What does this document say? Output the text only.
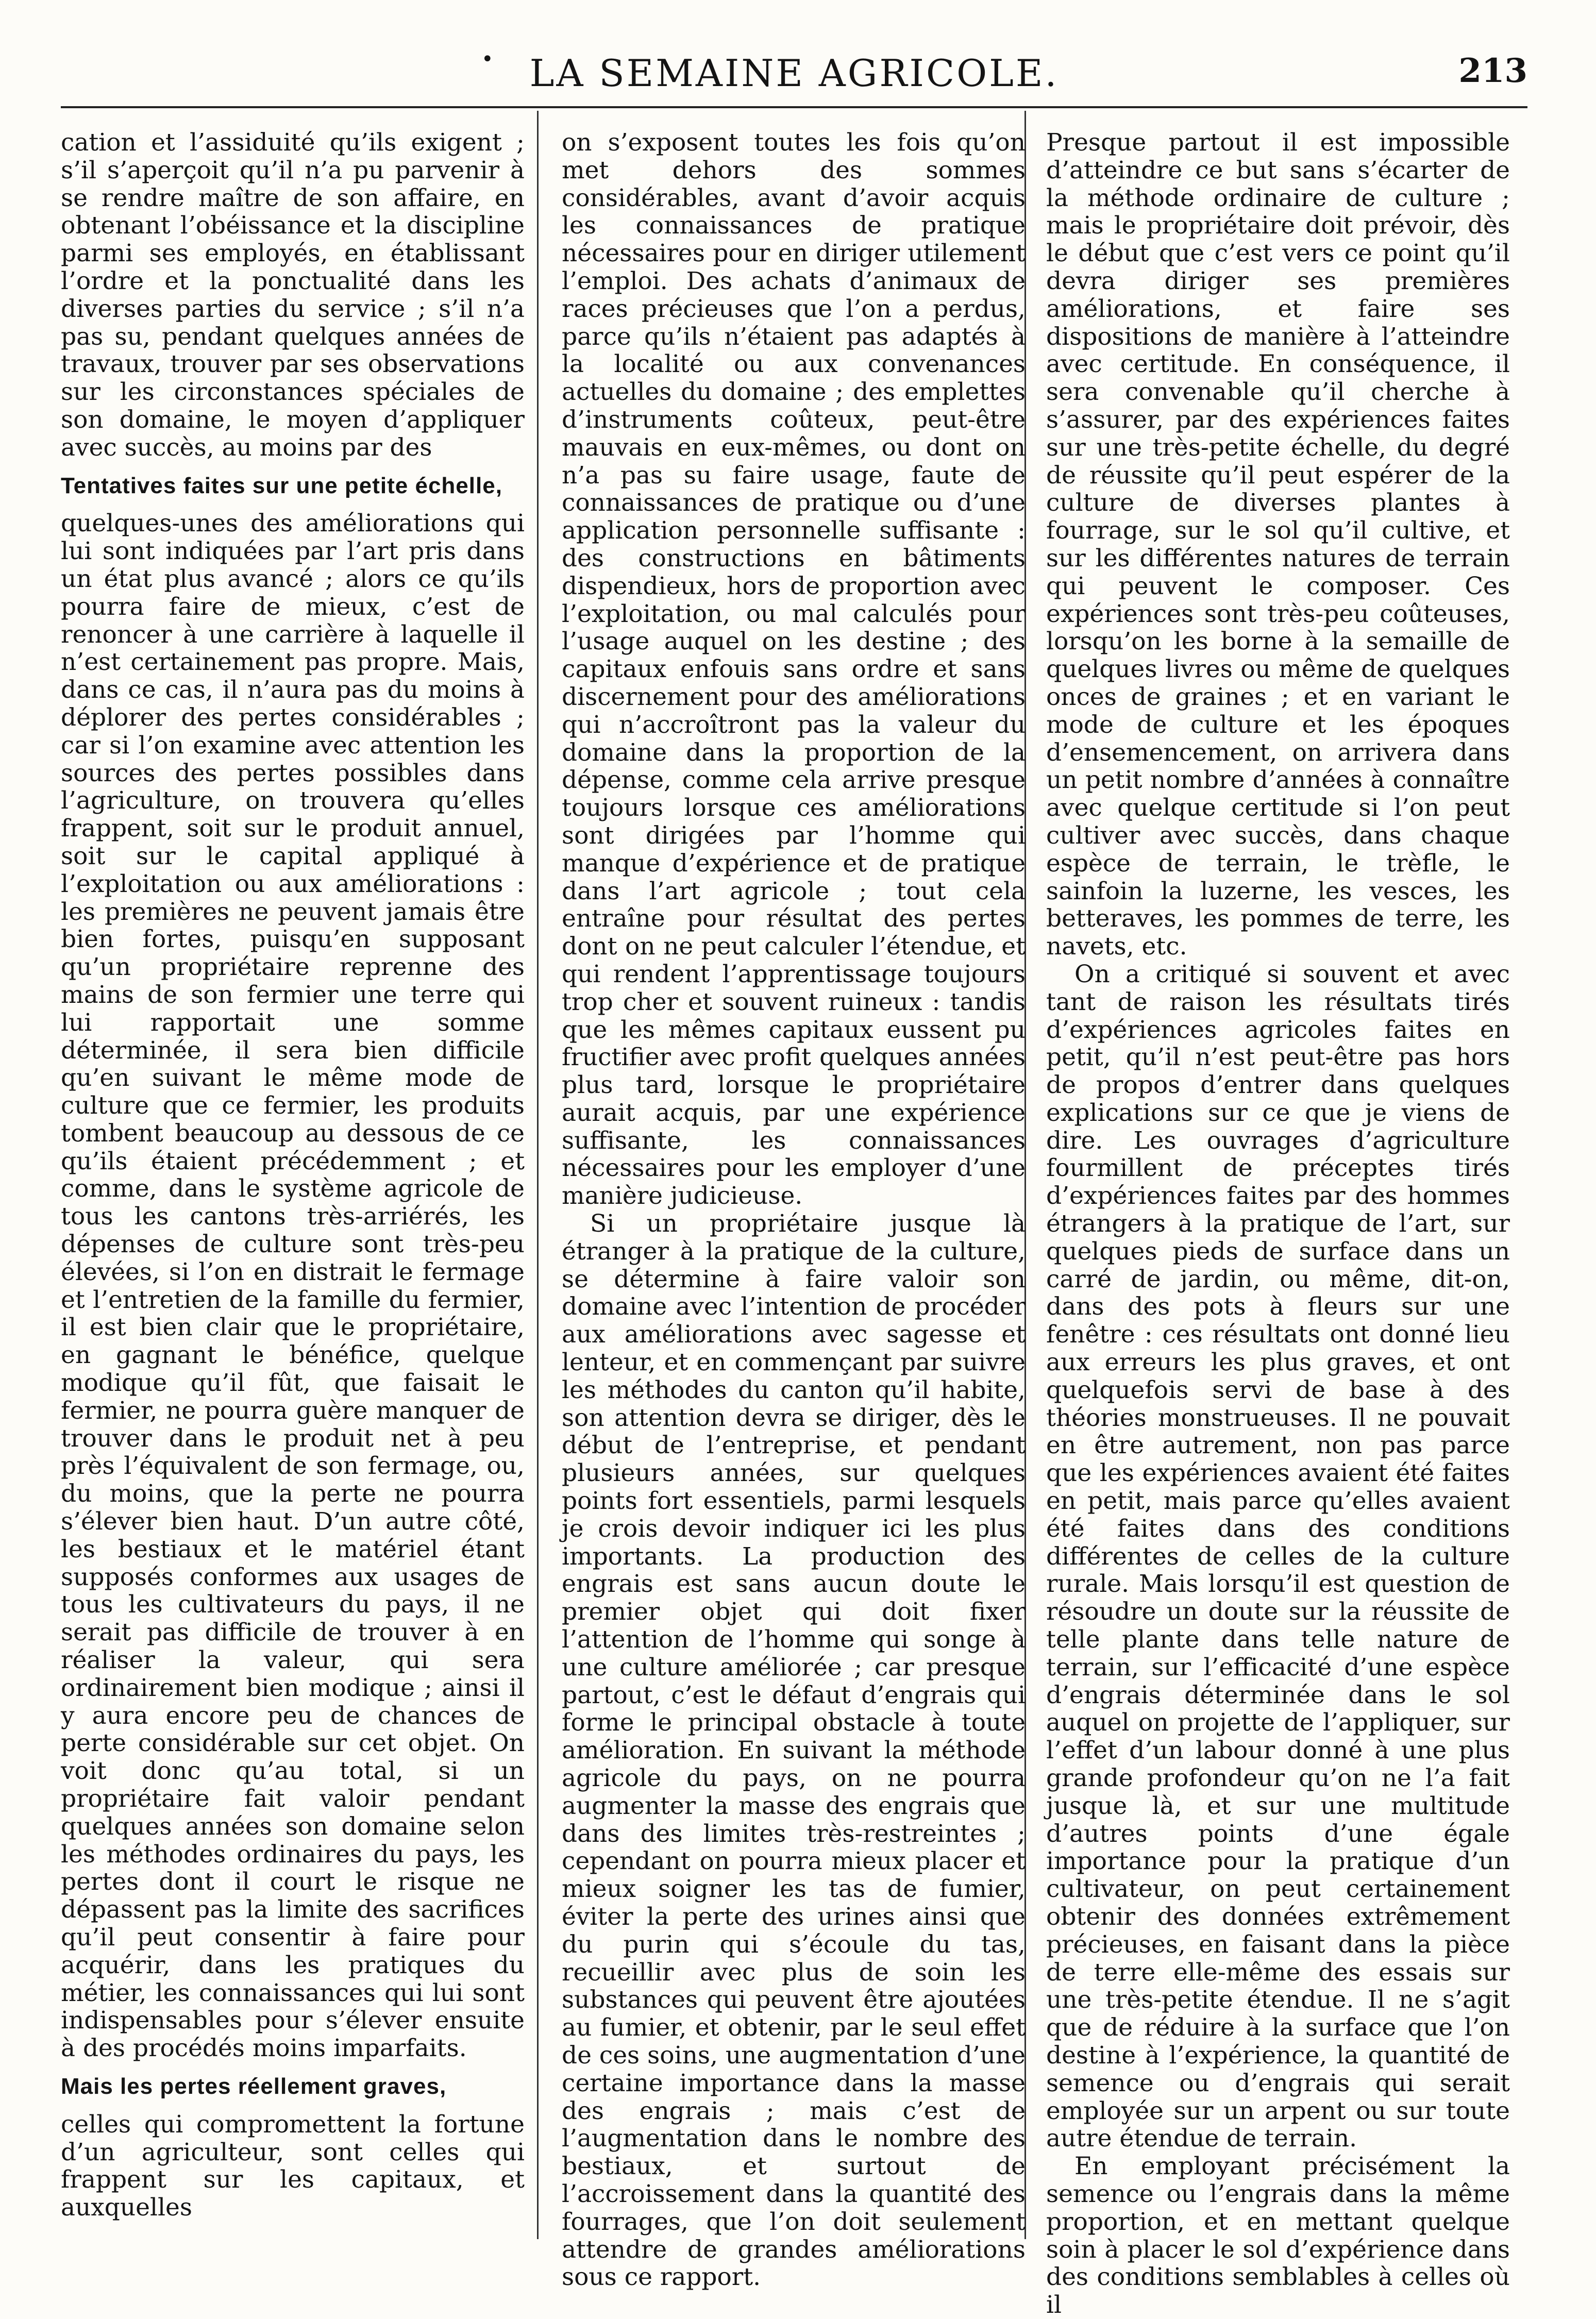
• LA SEMAINE AGRICOLE.	213

cation et l’assiduité qu’ils exigent ; s’il s’aperçoit qu’il n’a pu parvenir à se rendre maître de son affaire, en obtenant l’obéissance et la discipline parmi ses employés, en établissant l’ordre et la ponctualité dans les diverses parties du service ; s’il n’a pas su, pendant quelques années de travaux, trouver par ses observations sur les circonstances spéciales de son domaine, le moyen d’appliquer avec succès, au moins par des

Tentatives faites sur une petite échelle,

quelques-unes des améliorations qui lui sont indiquées par l’art pris dans un état plus avancé ; alors ce qu’ils pourra faire de mieux, c’est de renoncer à une carrière à laquelle il n’est certainement pas propre. Mais, dans ce cas, il n’aura pas du moins à déplorer des pertes considérables ; car si l’on examine avec attention les sources des pertes possibles dans l’agriculture, on trouvera qu’elles frappent, soit sur le produit annuel, soit sur le capital appliqué à l’exploitation ou aux améliorations : les premières ne peuvent jamais être bien fortes, puisqu’en supposant qu’un propriétaire reprenne des mains de son fermier une terre qui lui rapportait une somme déterminée, il sera bien difficile qu’en suivant le même mode de culture que ce fermier, les produits tombent beaucoup au dessous de ce qu’ils étaient précédemment ; et comme, dans le système agricole de tous les cantons très-arriérés, les dépenses de culture sont très-peu élevées, si l’on en distrait le fermage et l’entretien de la famille du fermier, il est bien clair que le propriétaire, en gagnant le bénéfice, quelque modique qu’il fût, que faisait le fermier, ne pourra guère manquer de trouver dans le produit net à peu près l’équivalent de son fermage, ou, du moins, que la perte ne pourra s’élever bien haut. D’un autre côté, les bestiaux et le matériel étant supposés conformes aux usages de tous les cultivateurs du pays, il ne serait pas difficile de trouver à en réaliser la valeur, qui sera ordinairement bien modique ; ainsi il y aura encore peu de chances de perte considérable sur cet objet. On voit donc qu’au total, si un propriétaire fait valoir pendant quelques années son domaine selon les méthodes ordinaires du pays, les pertes dont il court le risque ne dépassent pas la limite des sacrifices qu’il peut consentir à faire pour acquérir, dans les pratiques du métier, les connaissances qui lui sont indispensables pour s’élever ensuite à des procédés moins imparfaits.

Mais les pertes réellement graves,

celles qui compromettent la fortune d’un agriculteur, sont celles qui frappent sur les capitaux, et auxquelles

on s’exposent toutes les fois qu’on met dehors des sommes considérables, avant d’avoir acquis les connaissances de pratique nécessaires pour en diriger utilement l’emploi. Des achats d’animaux de races précieuses que l’on a perdus, parce qu’ils n’étaient pas adaptés à la localité ou aux convenances actuelles du domaine ; des emplettes d’instruments coûteux, peut-être mauvais en eux-mêmes, ou dont on n’a pas su faire usage, faute de connaissances de pratique ou d’une application personnelle suffisante : des constructions en bâtiments dispendieux, hors de proportion avec l’exploitation, ou mal calculés pour l’usage auquel on les destine ; des capitaux enfouis sans ordre et sans discernement pour des améliorations qui n’accroîtront pas la valeur du domaine dans la proportion de la dépense, comme cela arrive presque toujours lorsque ces améliorations sont dirigées par l’homme qui manque d’expérience et de pratique dans l’art agricole ; tout cela entraîne pour résultat des pertes dont on ne peut calculer l’étendue, et qui rendent l’apprentissage toujours trop cher et souvent ruineux : tandis que les mêmes capitaux eussent pu fructifier avec profit quelques années plus tard, lorsque le propriétaire aurait acquis, par une expérience suffisante, les connaissances nécessaires pour les employer d’une manière judicieuse.

Si un propriétaire jusque là étranger à la pratique de la culture, se détermine à faire valoir son domaine avec l’intention de procéder aux améliorations avec sagesse et lenteur, et en commençant par suivre les méthodes du canton qu’il habite, son attention devra se diriger, dès le début de l’entreprise, et pendant plusieurs années, sur quelques points fort essentiels, parmi lesquels je crois devoir indiquer ici les plus importants. La production des engrais est sans aucun doute le premier objet qui doit fixer l’attention de l’homme qui songe à une culture améliorée ; car presque partout, c’est le défaut d’engrais qui forme le principal obstacle à toute amélioration. En suivant la méthode agricole du pays, on ne pourra augmenter la masse des engrais que dans des limites très-restreintes ; cependant on pourra mieux placer et mieux soigner les tas de fumier, éviter la perte des urines ainsi que du purin qui s’écoule du tas, recueillir avec plus de soin les substances qui peuvent être ajoutées au fumier, et obtenir, par le seul effet de ces soins, une augmentation d’une certaine importance dans la masse des engrais ; mais c’est de l’augmentation dans le nombre des bestiaux, et surtout de l’accroissement dans la quantité des fourrages, que l’on doit seulement attendre de grandes améliorations sous ce rapport.

Presque partout il est impossible d’atteindre ce but sans s’écarter de la méthode ordinaire de culture ; mais le propriétaire doit prévoir, dès le début que c’est vers ce point qu’il devra diriger ses premières améliorations, et faire ses dispositions de manière à l’atteindre avec certitude. En conséquence, il sera convenable qu’il cherche à s’assurer, par des expériences faites sur une très-petite échelle, du degré de réussite qu’il peut espérer de la culture de diverses plantes à fourrage, sur le sol qu’il cultive, et sur les différentes natures de terrain qui peuvent le composer. Ces expériences sont très-peu coûteuses, lorsqu’on les borne à la semaille de quelques livres ou même de quelques onces de graines ; et en variant le mode de culture et les époques d’ensemencement, on arrivera dans un petit nombre d’années à connaître avec quelque certitude si l’on peut cultiver avec succès, dans chaque espèce de terrain, le trèfle, le sainfoin la luzerne, les vesces, les betteraves, les pommes de terre, les navets, etc.

On a critiqué si souvent et avec tant de raison les résultats tirés d’expériences agricoles faites en petit, qu’il n’est peut-être pas hors de propos d’entrer dans quelques explications sur ce que je viens de dire. Les ouvrages d’agriculture fourmillent de préceptes tirés d’expériences faites par des hommes étrangers à la pratique de l’art, sur quelques pieds de surface dans un carré de jardin, ou même, dit-on, dans des pots à fleurs sur une fenêtre : ces résultats ont donné lieu aux erreurs les plus graves, et ont quelquefois servi de base à des théories monstrueuses. Il ne pouvait en être autrement, non pas parce que les expériences avaient été faites en petit, mais parce qu’elles avaient été faites dans des conditions différentes de celles de la culture rurale. Mais lorsqu’il est question de résoudre un doute sur la réussite de telle plante dans telle nature de terrain, sur l’efficacité d’une espèce d’engrais déterminée dans le sol auquel on projette de l’appliquer, sur l’effet d’un labour donné à une plus grande profondeur qu’on ne l’a fait jusque là, et sur une multitude d’autres points d’une égale importance pour la pratique d’un cultivateur, on peut certainement obtenir des données extrêmement précieuses, en faisant dans la pièce de terre elle-même des essais sur une très-petite étendue. Il ne s’agit que de réduire à la surface que l’on destine à l’expérience, la quantité de semence ou d’engrais qui serait employée sur un arpent ou sur toute autre étendue de terrain.

En employant précisément la semence ou l’engrais dans la même proportion, et en mettant quelque soin à placer le sol d’expérience dans des conditions semblables à celles où il
